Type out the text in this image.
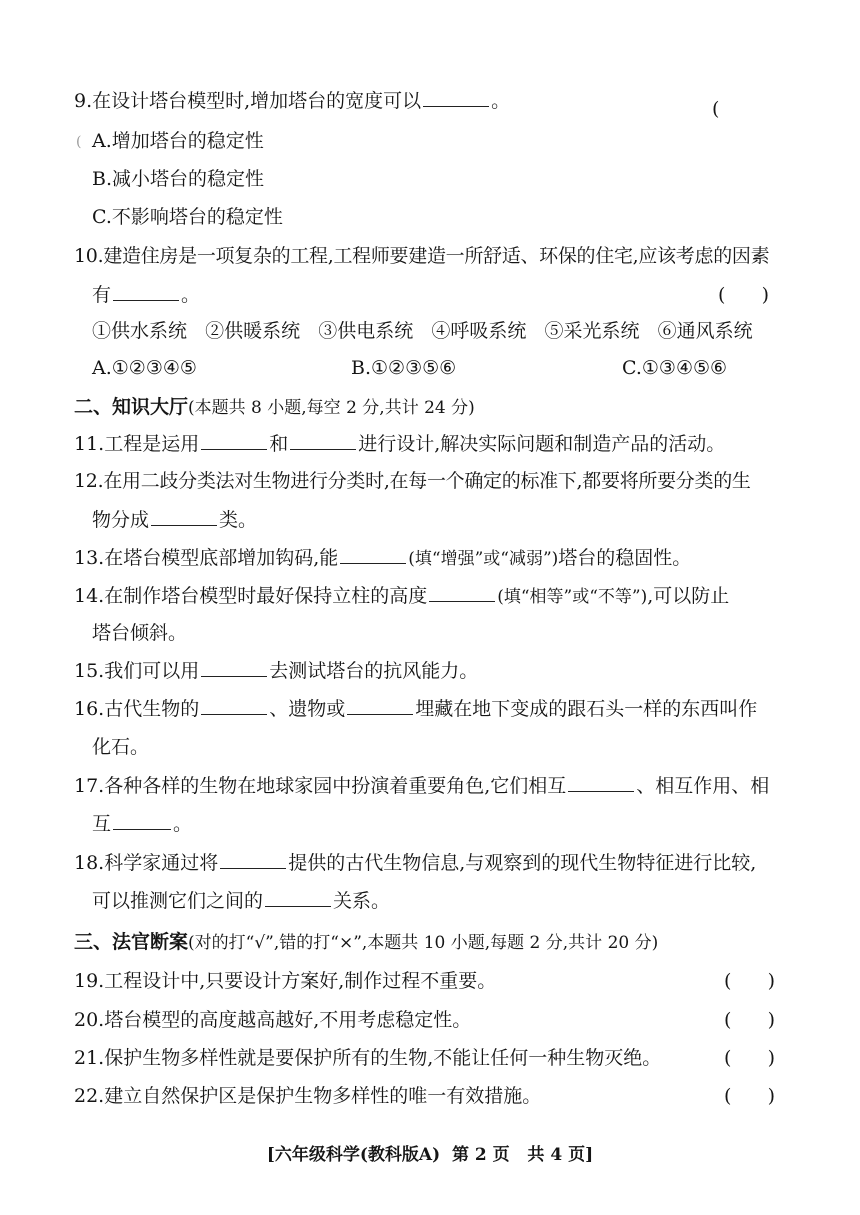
9.在设计塔台模型时,增加塔台的宽度可以	。	(
( A.增加塔台的稳定性
B.减小塔台的稳定性
C.不影响塔台的稳定性
10.建造住房是一项复杂的工程,工程师要建造一所舒适、环保的住宅,应该考虑的因素
有	。	(      )
①供水系统   ②供暖系统   ③供电系统   ④呼吸系统   ⑤采光系统   ⑥通风系统
A.①②③④⑤	B.①②③⑤⑥	C.①③④⑤⑥
二、知识大厅(本题共 8 小题,每空 2 分,共计 24 分)
11.工程是运用	和	进行设计,解决实际问题和制造产品的活动。
12.在用二歧分类法对生物进行分类时,在每一个确定的标准下,都要将所要分类的生
物分成	类。
13.在塔台模型底部增加钩码,能	(填“增强”或“减弱”)塔台的稳固性。
14.在制作塔台模型时最好保持立柱的高度	(填“相等”或“不等”),可以防止
塔台倾斜。
15.我们可以用	去测试塔台的抗风能力。
16.古代生物的	、遗物或	埋藏在地下变成的跟石头一样的东西叫作
化石。
17.各种各样的生物在地球家园中扮演着重要角色,它们相互	、相互作用、相
互	。
18.科学家通过将	提供的古代生物信息,与观察到的现代生物特征进行比较,
可以推测它们之间的	关系。
三、法官断案(对的打“√”,错的打“×”,本题共 10 小题,每题 2 分,共计 20 分)
19.工程设计中,只要设计方案好,制作过程不重要。	(      )
20.塔台模型的高度越高越好,不用考虑稳定性。	(      )
21.保护生物多样性就是要保护所有的生物,不能让任何一种生物灭绝。	(      )
22.建立自然保护区是保护生物多样性的唯一有效措施。	(      )
[六年级科学(教科版A)  第 2 页   共 4 页]
